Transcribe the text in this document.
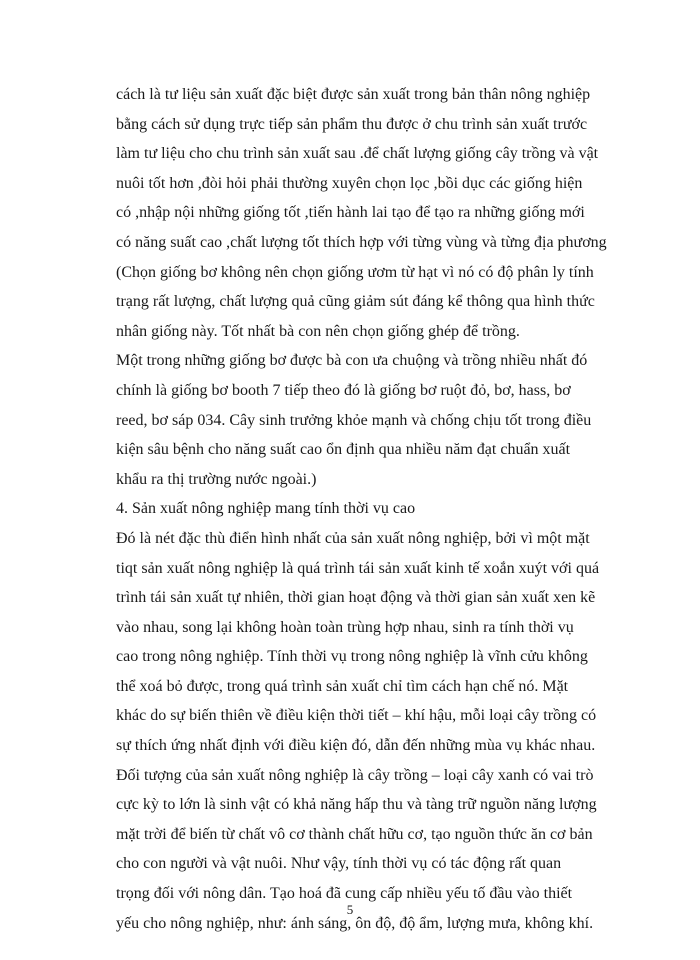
cách là tư liệu sản xuất đặc biệt được sản xuất trong bản thân nông nghiệp
bằng cách sử dụng trực tiếp sản phẩm thu được ở chu trình sản xuất trước
làm tư liệu cho chu trình sản xuất sau .để chất lượng giống cây trồng và vật
nuôi tốt hơn ,đòi hỏi phải thường xuyên chọn lọc ,bồi dục các giống hiện
có ,nhập nội những giống tốt ,tiến hành lai tạo để tạo ra những giống mới
có năng suất cao ,chất lượng tốt thích hợp với từng vùng và từng địa phương
(Chọn giống bơ không nên chọn giống ươm từ hạt vì nó có độ phân ly tính
trạng rất lượng, chất lượng quả cũng giảm sút đáng kể thông qua hình thức
nhân giống này. Tốt nhất bà con nên chọn giống ghép để trồng.
Một trong những giống bơ được bà con ưa chuộng và trồng nhiều nhất đó
chính là giống bơ booth 7 tiếp theo đó là giống bơ ruột đỏ, bơ, hass, bơ
reed, bơ sáp 034. Cây sinh trưởng khỏe mạnh và chống chịu tốt trong điều
kiện sâu bệnh cho năng suất cao ổn định qua nhiều năm đạt chuẩn xuất
khẩu ra thị trường nước ngoài.)
4. Sản xuất nông nghiệp mang tính thời vụ cao
Đó là nét đặc thù điển hình nhất của sản xuất nông nghiệp, bởi vì một mặt
tiqt sản xuất nông nghiệp là quá trình tái sản xuất kinh tế xoắn xuýt với quá
trình tái sản xuất tự nhiên, thời gian hoạt động và thời gian sản xuất xen kẽ
vào nhau, song lại không hoàn toàn trùng hợp nhau, sinh ra tính thời vụ
cao trong nông nghiệp. Tính thời vụ trong nông nghiệp là vĩnh cửu không
thể xoá bỏ được, trong quá trình sản xuất chỉ tìm cách hạn chế nó. Mặt
khác do sự biến thiên về điều kiện thời tiết – khí hậu, mỗi loại cây trồng có
sự thích ứng nhất định với điều kiện đó, dẫn đến những mùa vụ khác nhau.
Đối tượng của sản xuất nông nghiệp là cây trồng – loại cây xanh có vai trò
cực kỳ to lớn là sinh vật có khả năng hấp thu và tàng trữ nguồn năng lượng
mặt trời để biến từ chất vô cơ thành chất hữu cơ, tạo nguồn thức ăn cơ bản
cho con người và vật nuôi. Như vậy, tính thời vụ có tác động rất quan
trọng đối với nông dân. Tạo hoá đã cung cấp nhiều yếu tố đầu vào thiết
yếu cho nông nghiệp, như: ánh sáng, ôn độ, độ ẩm, lượng mưa, không khí.
5
